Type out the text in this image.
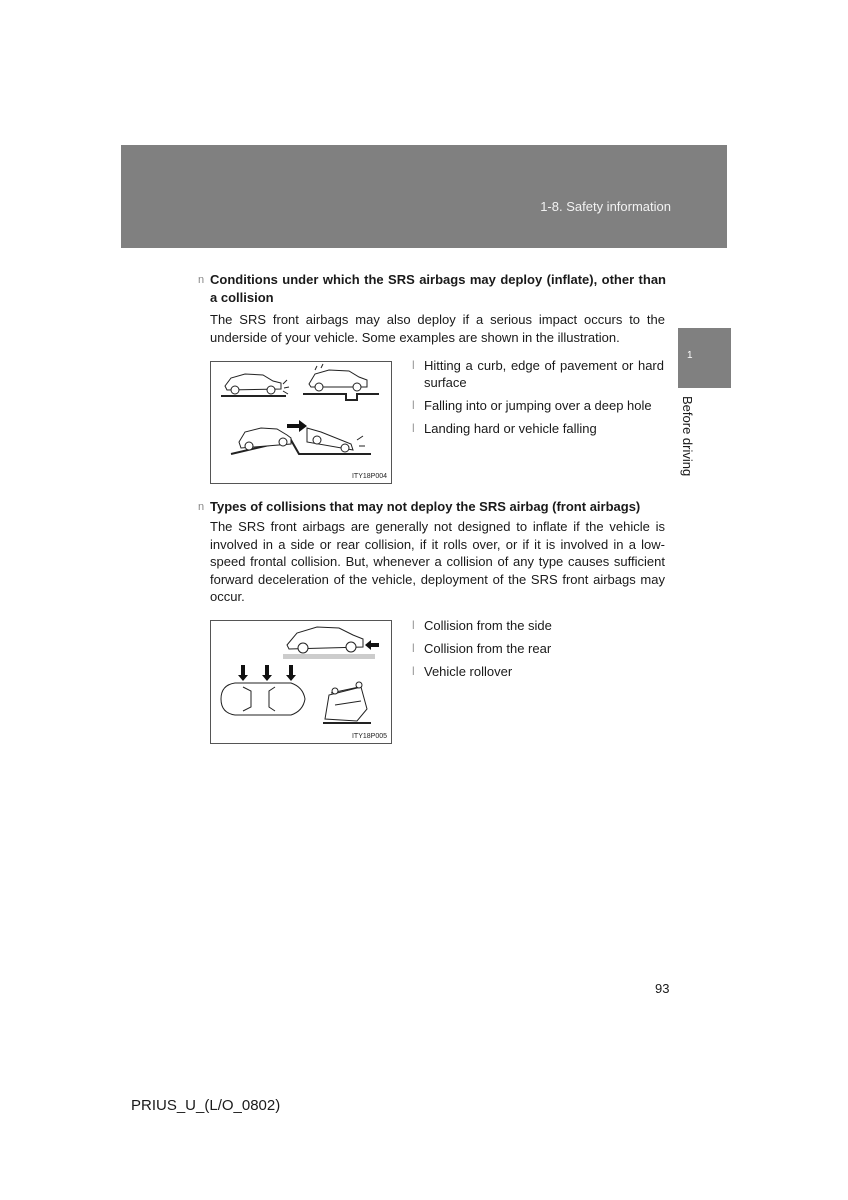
1-8. Safety information
1
Before driving
n Conditions under which the SRS airbags may deploy (inflate), other than a collision

The SRS front airbags may also deploy if a serious impact occurs to the underside of your vehicle. Some examples are shown in the illustration.

ITY18P004
l Hitting a curb, edge of pavement or hard surface
l Falling into or jumping over a deep hole
l Landing hard or vehicle falling
n Types of collisions that may not deploy the SRS airbag (front airbags)

The SRS front airbags are generally not designed to inflate if the vehicle is involved in a side or rear collision, if it rolls over, or if it is involved in a low-speed frontal collision. But, whenever a collision of any type causes sufficient forward deceleration of the vehicle, deployment of the SRS front airbags may occur.

ITY18P005
l Collision from the side
l Collision from the rear
l Vehicle rollover
93
PRIUS_U_(L/O_0802)
